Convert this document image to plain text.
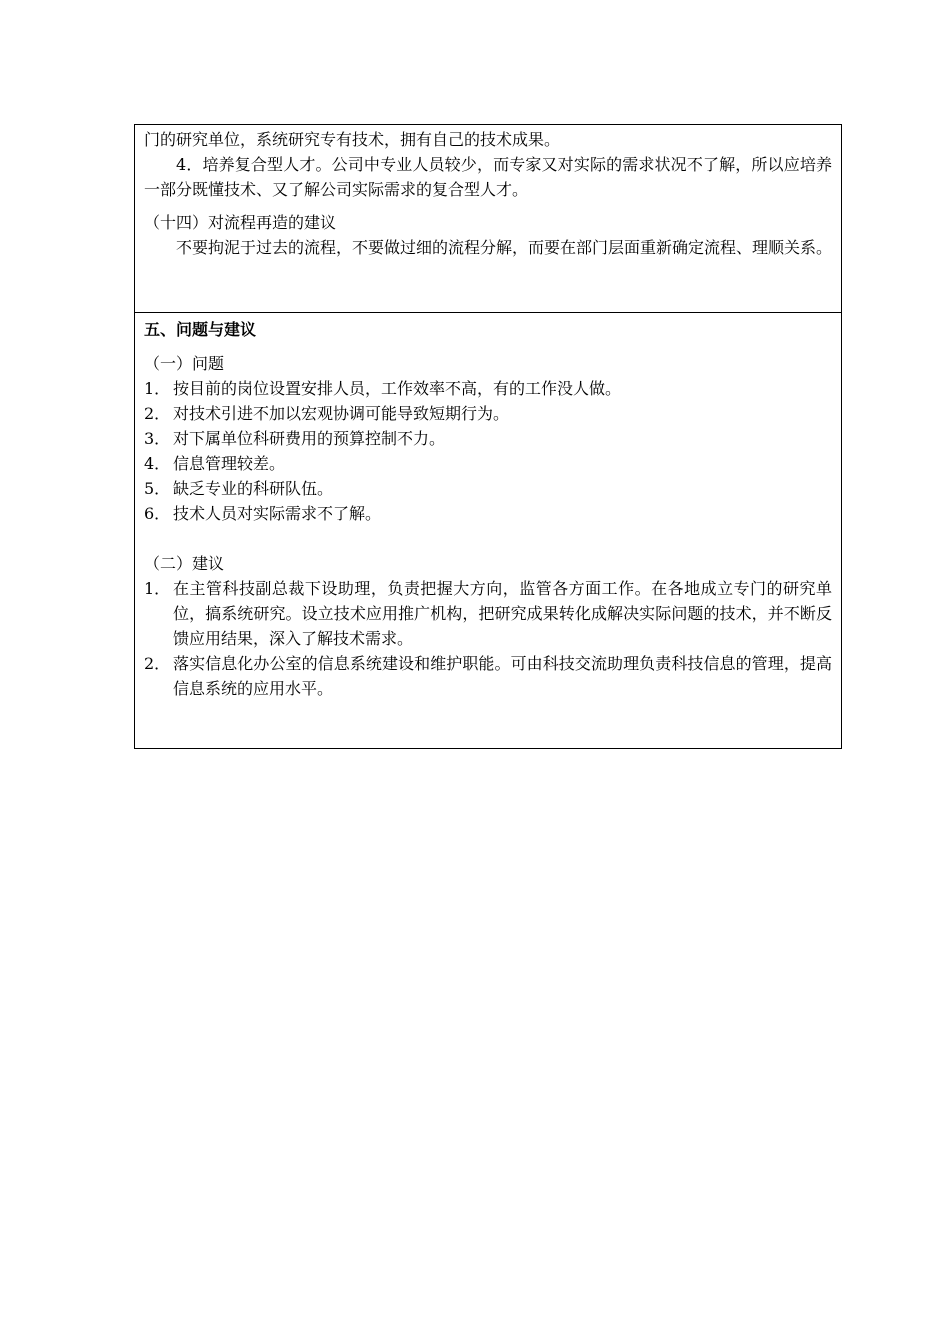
门的研究单位，系统研究专有技术，拥有自己的技术成果。
4．培养复合型人才。公司中专业人员较少，而专家又对实际的需求状况不了解，所以应培养一部分既懂技术、又了解公司实际需求的复合型人才。
（十四）对流程再造的建议
不要拘泥于过去的流程，不要做过细的流程分解，而要在部门层面重新确定流程、理顺关系。
五、问题与建议
（一）问题
1． 按目前的岗位设置安排人员，工作效率不高，有的工作没人做。
2． 对技术引进不加以宏观协调可能导致短期行为。
3． 对下属单位科研费用的预算控制不力。
4． 信息管理较差。
5． 缺乏专业的科研队伍。
6． 技术人员对实际需求不了解。
（二）建议
1． 在主管科技副总裁下设助理，负责把握大方向，监管各方面工作。在各地成立专门的研究单位，搞系统研究。设立技术应用推广机构，把研究成果转化成解决实际问题的技术，并不断反馈应用结果，深入了解技术需求。
2． 落实信息化办公室的信息系统建设和维护职能。可由科技交流助理负责科技信息的管理，提高信息系统的应用水平。
